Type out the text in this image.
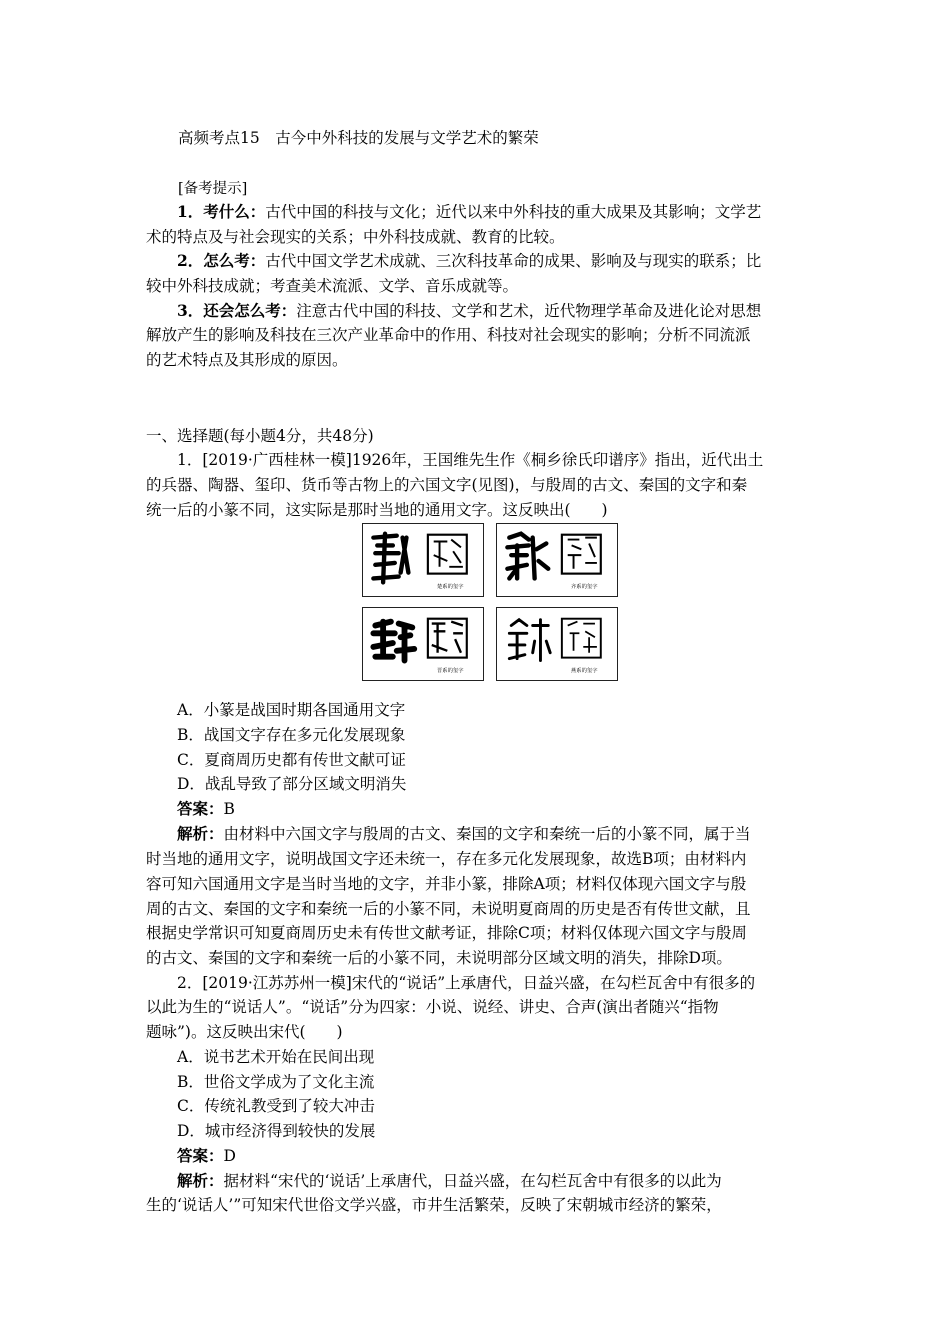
高频考点15　古今中外科技的发展与文学艺术的繁荣
[备考提示]
1．考什么：古代中国的科技与文化；近代以来中外科技的重大成果及其影响；文学艺
术的特点及与社会现实的关系；中外科技成就、教育的比较。
2．怎么考：古代中国文学艺术成就、三次科技革命的成果、影响及与现实的联系；比
较中外科技成就；考查美术流派、文学、音乐成就等。
3．还会怎么考：注意古代中国的科技、文学和艺术，近代物理学革命及进化论对思想
解放产生的影响及科技在三次产业革命中的作用、科技对社会现实的影响；分析不同流派
的艺术特点及其形成的原因。
一、选择题(每小题4分，共48分)
1．[2019·广西桂林一模]1926年，王国维先生作《桐乡徐氏印谱序》指出，近代出土
的兵器、陶器、玺印、货币等古物上的六国文字(见图)，与殷周的古文、秦国的文字和秦
统一后的小篆不同，这实际是那时当地的通用文字。这反映出(　　)
楚系的玺字	齐系的玺字
晋系的玺字	燕系的玺字
A．小篆是战国时期各国通用文字
B．战国文字存在多元化发展现象
C．夏商周历史都有传世文献可证
D．战乱导致了部分区域文明消失
答案：B
解析：由材料中六国文字与殷周的古文、秦国的文字和秦统一后的小篆不同，属于当
时当地的通用文字，说明战国文字还未统一，存在多元化发展现象，故选B项；由材料内
容可知六国通用文字是当时当地的文字，并非小篆，排除A项；材料仅体现六国文字与殷
周的古文、秦国的文字和秦统一后的小篆不同，未说明夏商周的历史是否有传世文献，且
根据史学常识可知夏商周历史未有传世文献考证，排除C项；材料仅体现六国文字与殷周
的古文、秦国的文字和秦统一后的小篆不同，未说明部分区域文明的消失，排除D项。
2．[2019·江苏苏州一模]宋代的“说话”上承唐代，日益兴盛，在勾栏瓦舍中有很多的
以此为生的“说话人”。“说话”分为四家：小说、说经、讲史、合声(演出者随兴“指物
题咏”)。这反映出宋代(　　)
A．说书艺术开始在民间出现
B．世俗文学成为了文化主流
C．传统礼教受到了较大冲击
D．城市经济得到较快的发展
答案：D
解析：据材料“宋代的‘说话’上承唐代，日益兴盛，在勾栏瓦舍中有很多的以此为
生的‘说话人’”可知宋代世俗文学兴盛，市井生活繁荣，反映了宋朝城市经济的繁荣，
